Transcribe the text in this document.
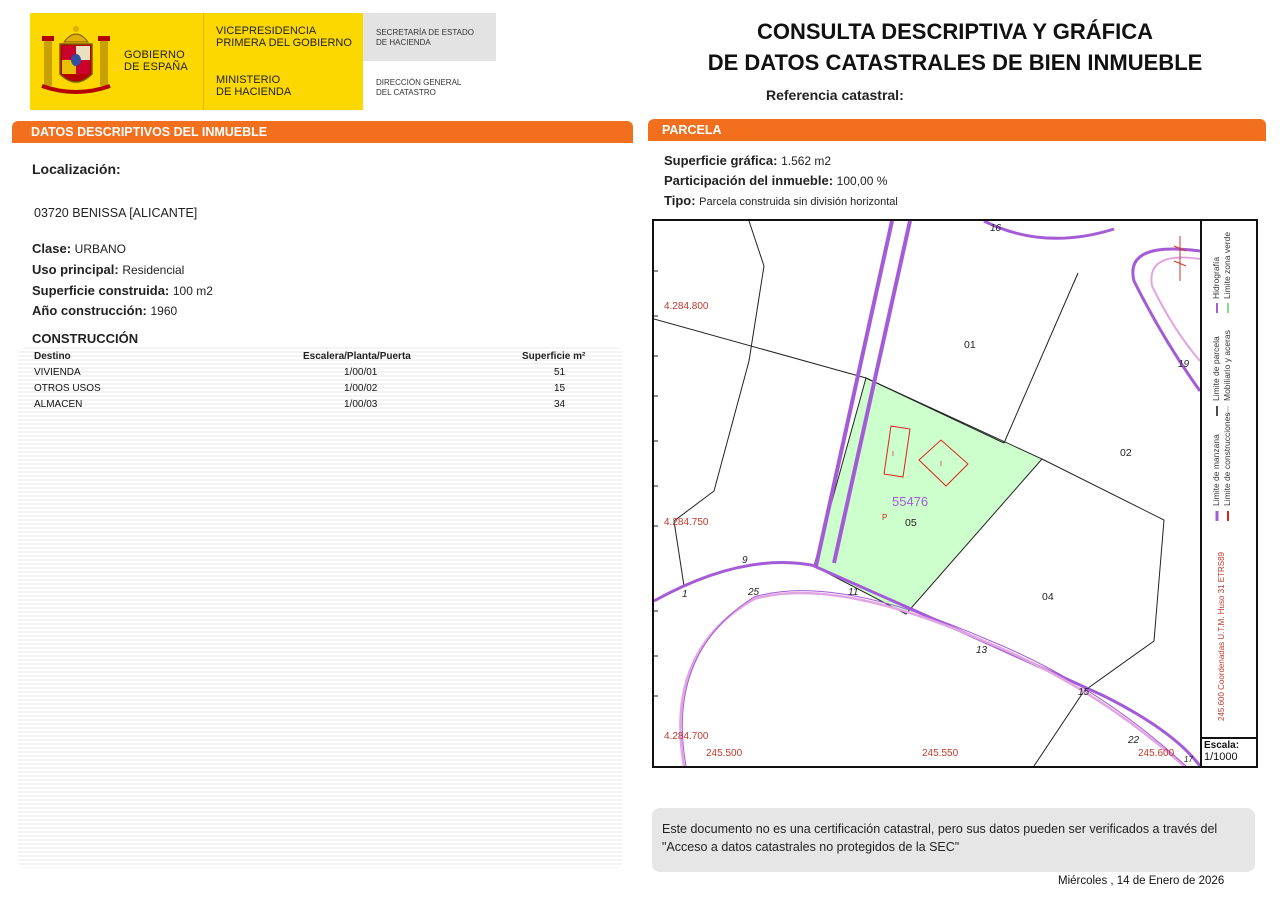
GOBIERNO
DE ESPAÑA
VICEPRESIDENCIA
PRIMERA DEL GOBIERNO
MINISTERIO
DE HACIENDA
SECRETARÍA DE ESTADO
DE HACIENDA
DIRECCIÓN GENERAL
DEL CATASTRO
CONSULTA DESCRIPTIVA Y GRÁFICA
DE DATOS CATASTRALES DE BIEN INMUEBLE
Referencia catastral:
DATOS DESCRIPTIVOS DEL INMUEBLE
Localización:
03720 BENISSA [ALICANTE]
Clase: URBANO
Uso principal: Residencial
Superficie construida: 100 m2
Año construcción: 1960
CONSTRUCCIÓN
Destino	Escalera/Planta/Puerta	Superficie m²
VIVIENDA	1/00/01	51
OTROS USOS	1/00/02	15
ALMACEN	1/00/03	34
PARCELA
Superficie gráfica: 1.562 m2
Participación del inmueble: 100,00 %
Tipo: Parcela construida sin división horizontal
4.284.800
4.284.750
4.284.700
245.500	245.550	245.600
01
02
04
05
55476
P
I
I
16
19
9
1	25	11
13
15
22
17
Limite de manzana Limite de construcciones
Limite de parcela Mobiliario y aceras
Hidrografía Limite zona verde
245.600 Coordenadas U.T.M. Huso 31 ETRS89
Escala:
1/1000
Este documento no es una certificación catastral, pero sus datos pueden ser verificados a través del "Acceso a datos catastrales no protegidos de la SEC"
Miércoles , 14 de Enero de 2026
